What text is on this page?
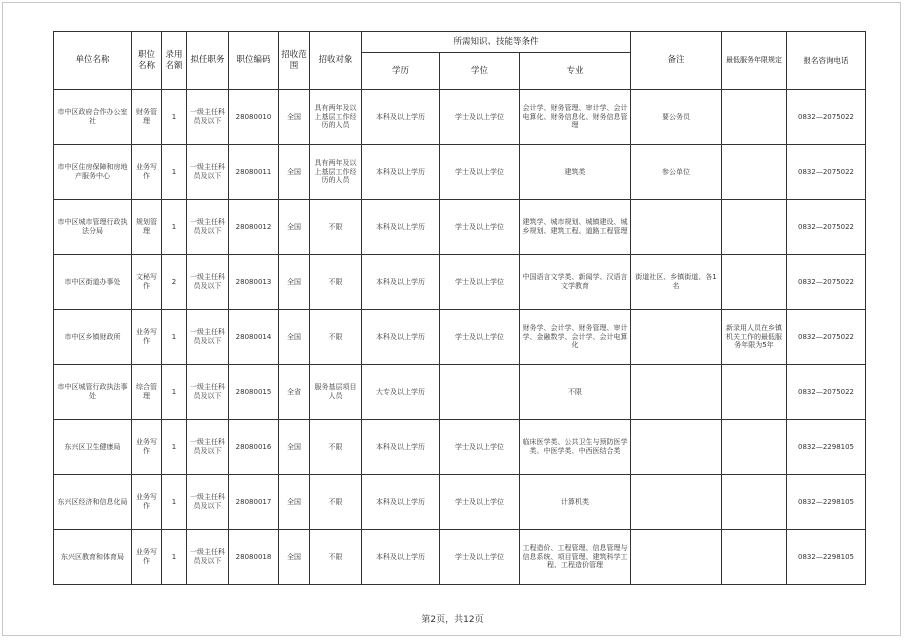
单位名称	职位名称	录用名额	拟任职务	职位编码	招收范围	招收对象	所需知识、技能等条件			备注	最低服务年限规定	报名咨询电话
							学历	学位	专业			
市中区政府合作办公室社	财务管理	1	一级主任科员及以下	28080010	全国	具有两年及以上基层工作经历的人员	本科及以上学历	学士及以上学位	会计学、财务管理、审计学、会计电算化、财务信息化、财务信息管理	要公务员		0832—2075022
市中区住房保障和房地产服务中心	业务写作	1	一级主任科员及以下	28080011	全国	具有两年及以上基层工作经历的人员	本科及以上学历	学士及以上学位	建筑类	参公单位		0832—2075022
市中区城市管理行政执法分局	规划管理	1	一级主任科员及以下	28080012	全国	不限	本科及以上学历	学士及以上学位	建筑学、城市规划、城镇建设、城乡规划、建筑工程、道路工程管理			0832—2075022
市中区街道办事处	文秘写作	2	一级主任科员及以下	28080013	全国	不限	本科及以上学历	学士及以上学位	中国语言文学类、新闻学、汉语言文学教育	街道社区、乡镇街道、各1名		0832—2075022
市中区乡镇财政所	业务写作	1	一级主任科员及以下	28080014	全国	不限	本科及以上学历	学士及以上学位	财务学、会计学、财务管理、审计学、金融数学、会计学、会计电算化		新录用人员在乡镇机关工作的最低服务年限为5年	0832—2075022
市中区城管行政执法事处	综合管理	1	一级主任科员及以下	28080015	全省	服务基层项目人员	大专及以上学历		不限			0832—2075022
东兴区卫生健康局	业务写作	1	一级主任科员及以下	28080016	全国	不限	本科及以上学历	学士及以上学位	临床医学类、公共卫生与预防医学类、中医学类、中西医结合类			0832—2298105
东兴区经济和信息化局	业务写作	1	一级主任科员及以下	28080017	全国	不限	本科及以上学历	学士及以上学位	计算机类			0832—2298105
东兴区教育和体育局	业务写作	1	一级主任科员及以下	28080018	全国	不限	本科及以上学历	学士及以上学位	工程造价、工程管理、信息管理与信息系统、项目管理、建筑科学工程、工程造价管理			0832—2298105
第2页，共12页
